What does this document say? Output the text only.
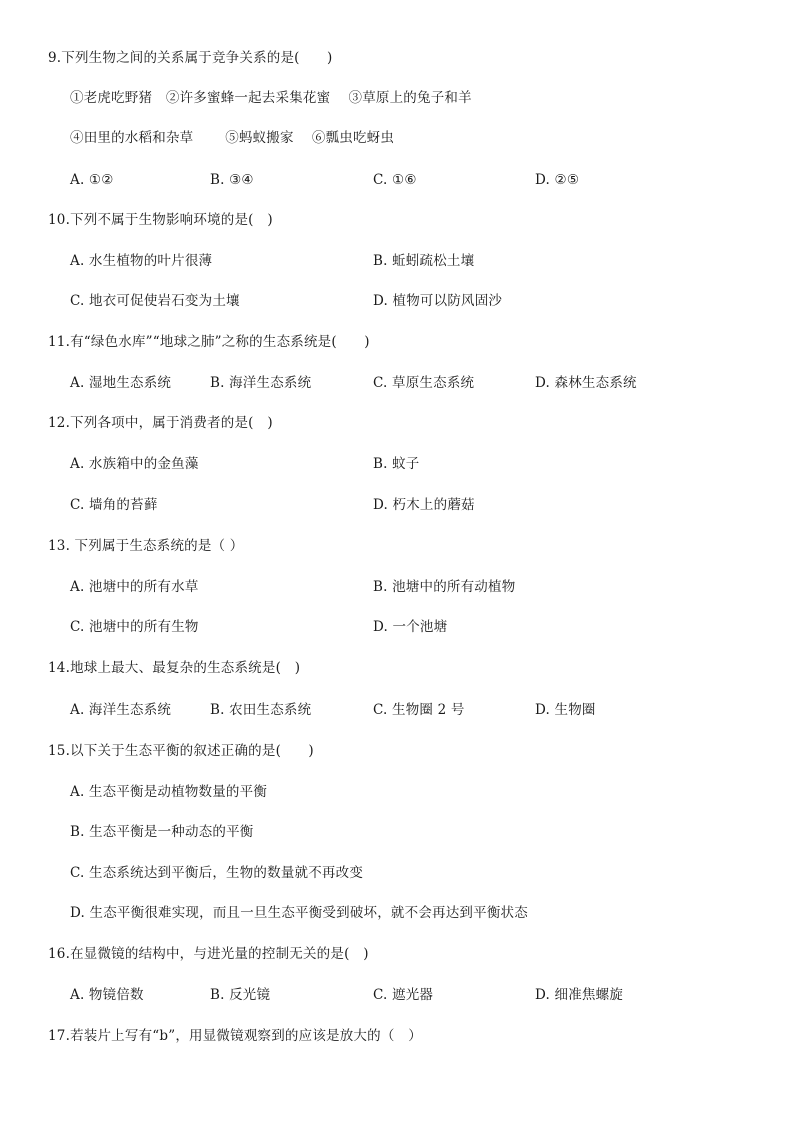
9.下列生物之间的关系属于竞争关系的是(　　)
①老虎吃野猪　②许多蜜蜂一起去采集花蜜　 ③草原上的兔子和羊
④田里的水稻和杂草　　 ⑤蚂蚁搬家　 ⑥瓢虫吃蚜虫
A. ①②	B. ③④	C. ①⑥	D. ②⑤
10.下列不属于生物影响环境的是(　)
A. 水生植物的叶片很薄	B. 蚯蚓疏松土壤
C. 地衣可促使岩石变为土壤	D. 植物可以防风固沙
11.有“绿色水库”“地球之肺”之称的生态系统是(　　)
A. 湿地生态系统	B. 海洋生态系统	C. 草原生态系统	D. 森林生态系统
12.下列各项中，属于消费者的是(　)
A. 水族箱中的金鱼藻	B. 蚊子
C. 墙角的苔藓	D. 朽木上的蘑菇
13. 下列属于生态系统的是（ ）
A. 池塘中的所有水草	B. 池塘中的所有动植物
C. 池塘中的所有生物	D. 一个池塘
14.地球上最大、最复杂的生态系统是(　)
A. 海洋生态系统	B. 农田生态系统	C. 生物圈 2 号	D. 生物圈
15.以下关于生态平衡的叙述正确的是(　　)
A. 生态平衡是动植物数量的平衡
B. 生态平衡是一种动态的平衡
C. 生态系统达到平衡后，生物的数量就不再改变
D. 生态平衡很难实现，而且一旦生态平衡受到破坏，就不会再达到平衡状态
16.在显微镜的结构中，与进光量的控制无关的是(　)
A. 物镜倍数	B. 反光镜	C. 遮光器	D. 细准焦螺旋
17.若装片上写有“b”，用显微镜观察到的应该是放大的（　）
